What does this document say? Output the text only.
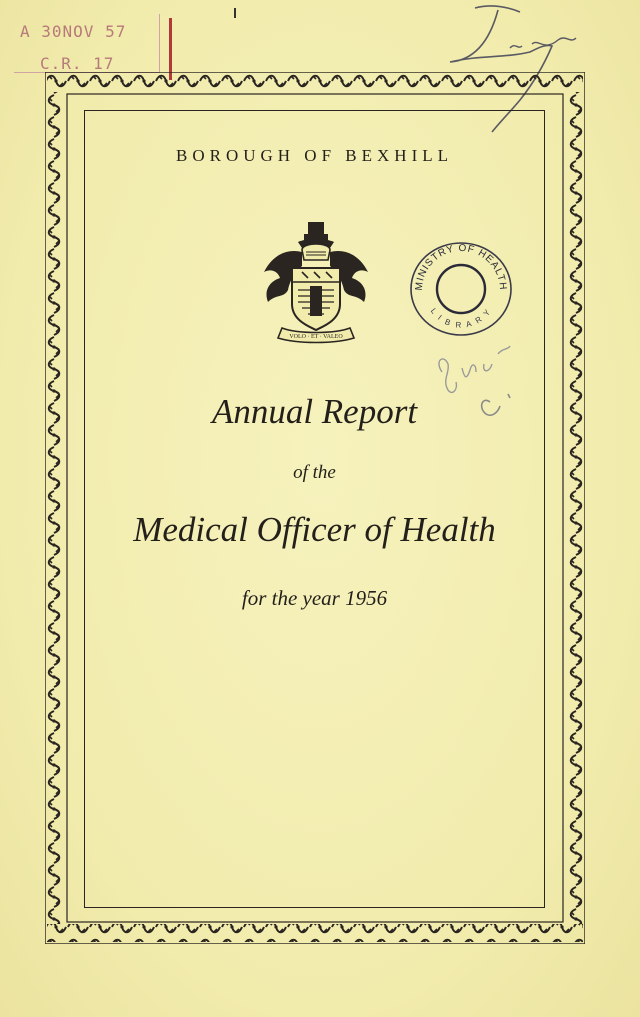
A 30NOV 57
C.R. 17
BOROUGH OF BEXHILL
VOLO · ET · VALEO
MINISTRY OF HEALTH
L I B R A R Y
Annual Report
of the
Medical Officer of Health
for the year 1956
